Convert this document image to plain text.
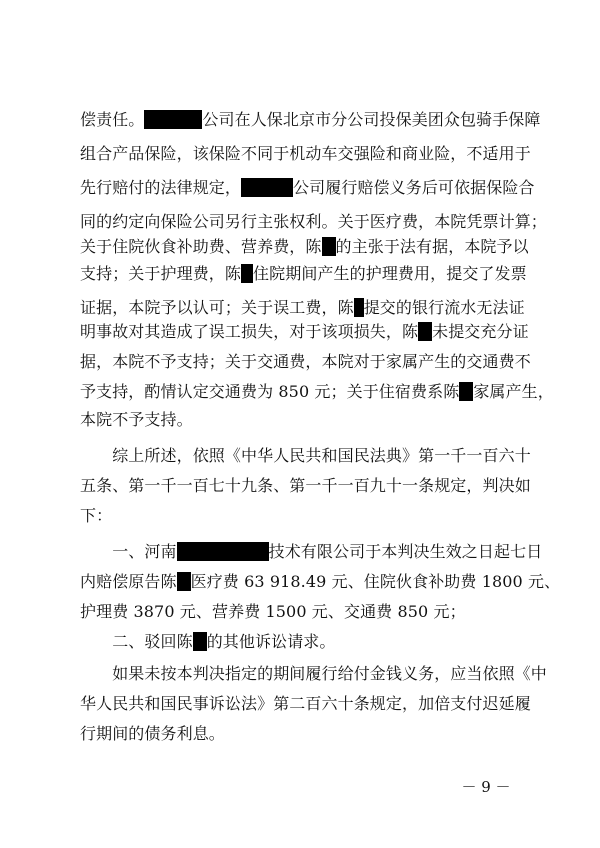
偿责任。	公司在人保北京市分公司投保美团众包骑手保障
组合产品保险，该保险不同于机动车交强险和商业险，不适用于
先行赔付的法律规定，	公司履行赔偿义务后可依据保险合
同的约定向保险公司另行主张权利。关于医疗费，本院凭票计算；
关于住院伙食补助费、营养费，陈 的主张于法有据，本院予以
支持；关于护理费，陈 住院期间产生的护理费用，提交了发票
证据，本院予以认可；关于误工费，陈 提交的银行流水无法证
明事故对其造成了误工损失，对于该项损失，陈 未提交充分证
据，本院不予支持；关于交通费，本院对于家属产生的交通费不
予支持，酌情认定交通费为 850 元；关于住宿费系陈 家属产生，
本院不予支持。
　　综上所述，依照《中华人民共和国民法典》第一千一百六十
五条、第一千一百七十九条、第一千一百九十一条规定，判决如
下：
　　一、河南	技术有限公司于本判决生效之日起七日
内赔偿原告陈 医疗费 63 918.49 元、住院伙食补助费 1800 元、
护理费 3870 元、营养费 1500 元、交通费 850 元；
　　二、驳回陈 的其他诉讼请求。
　　如果未按本判决指定的期间履行给付金钱义务，应当依照《中
华人民共和国民事诉讼法》第二百六十条规定，加倍支付迟延履
行期间的债务利息。
－ 9 －
